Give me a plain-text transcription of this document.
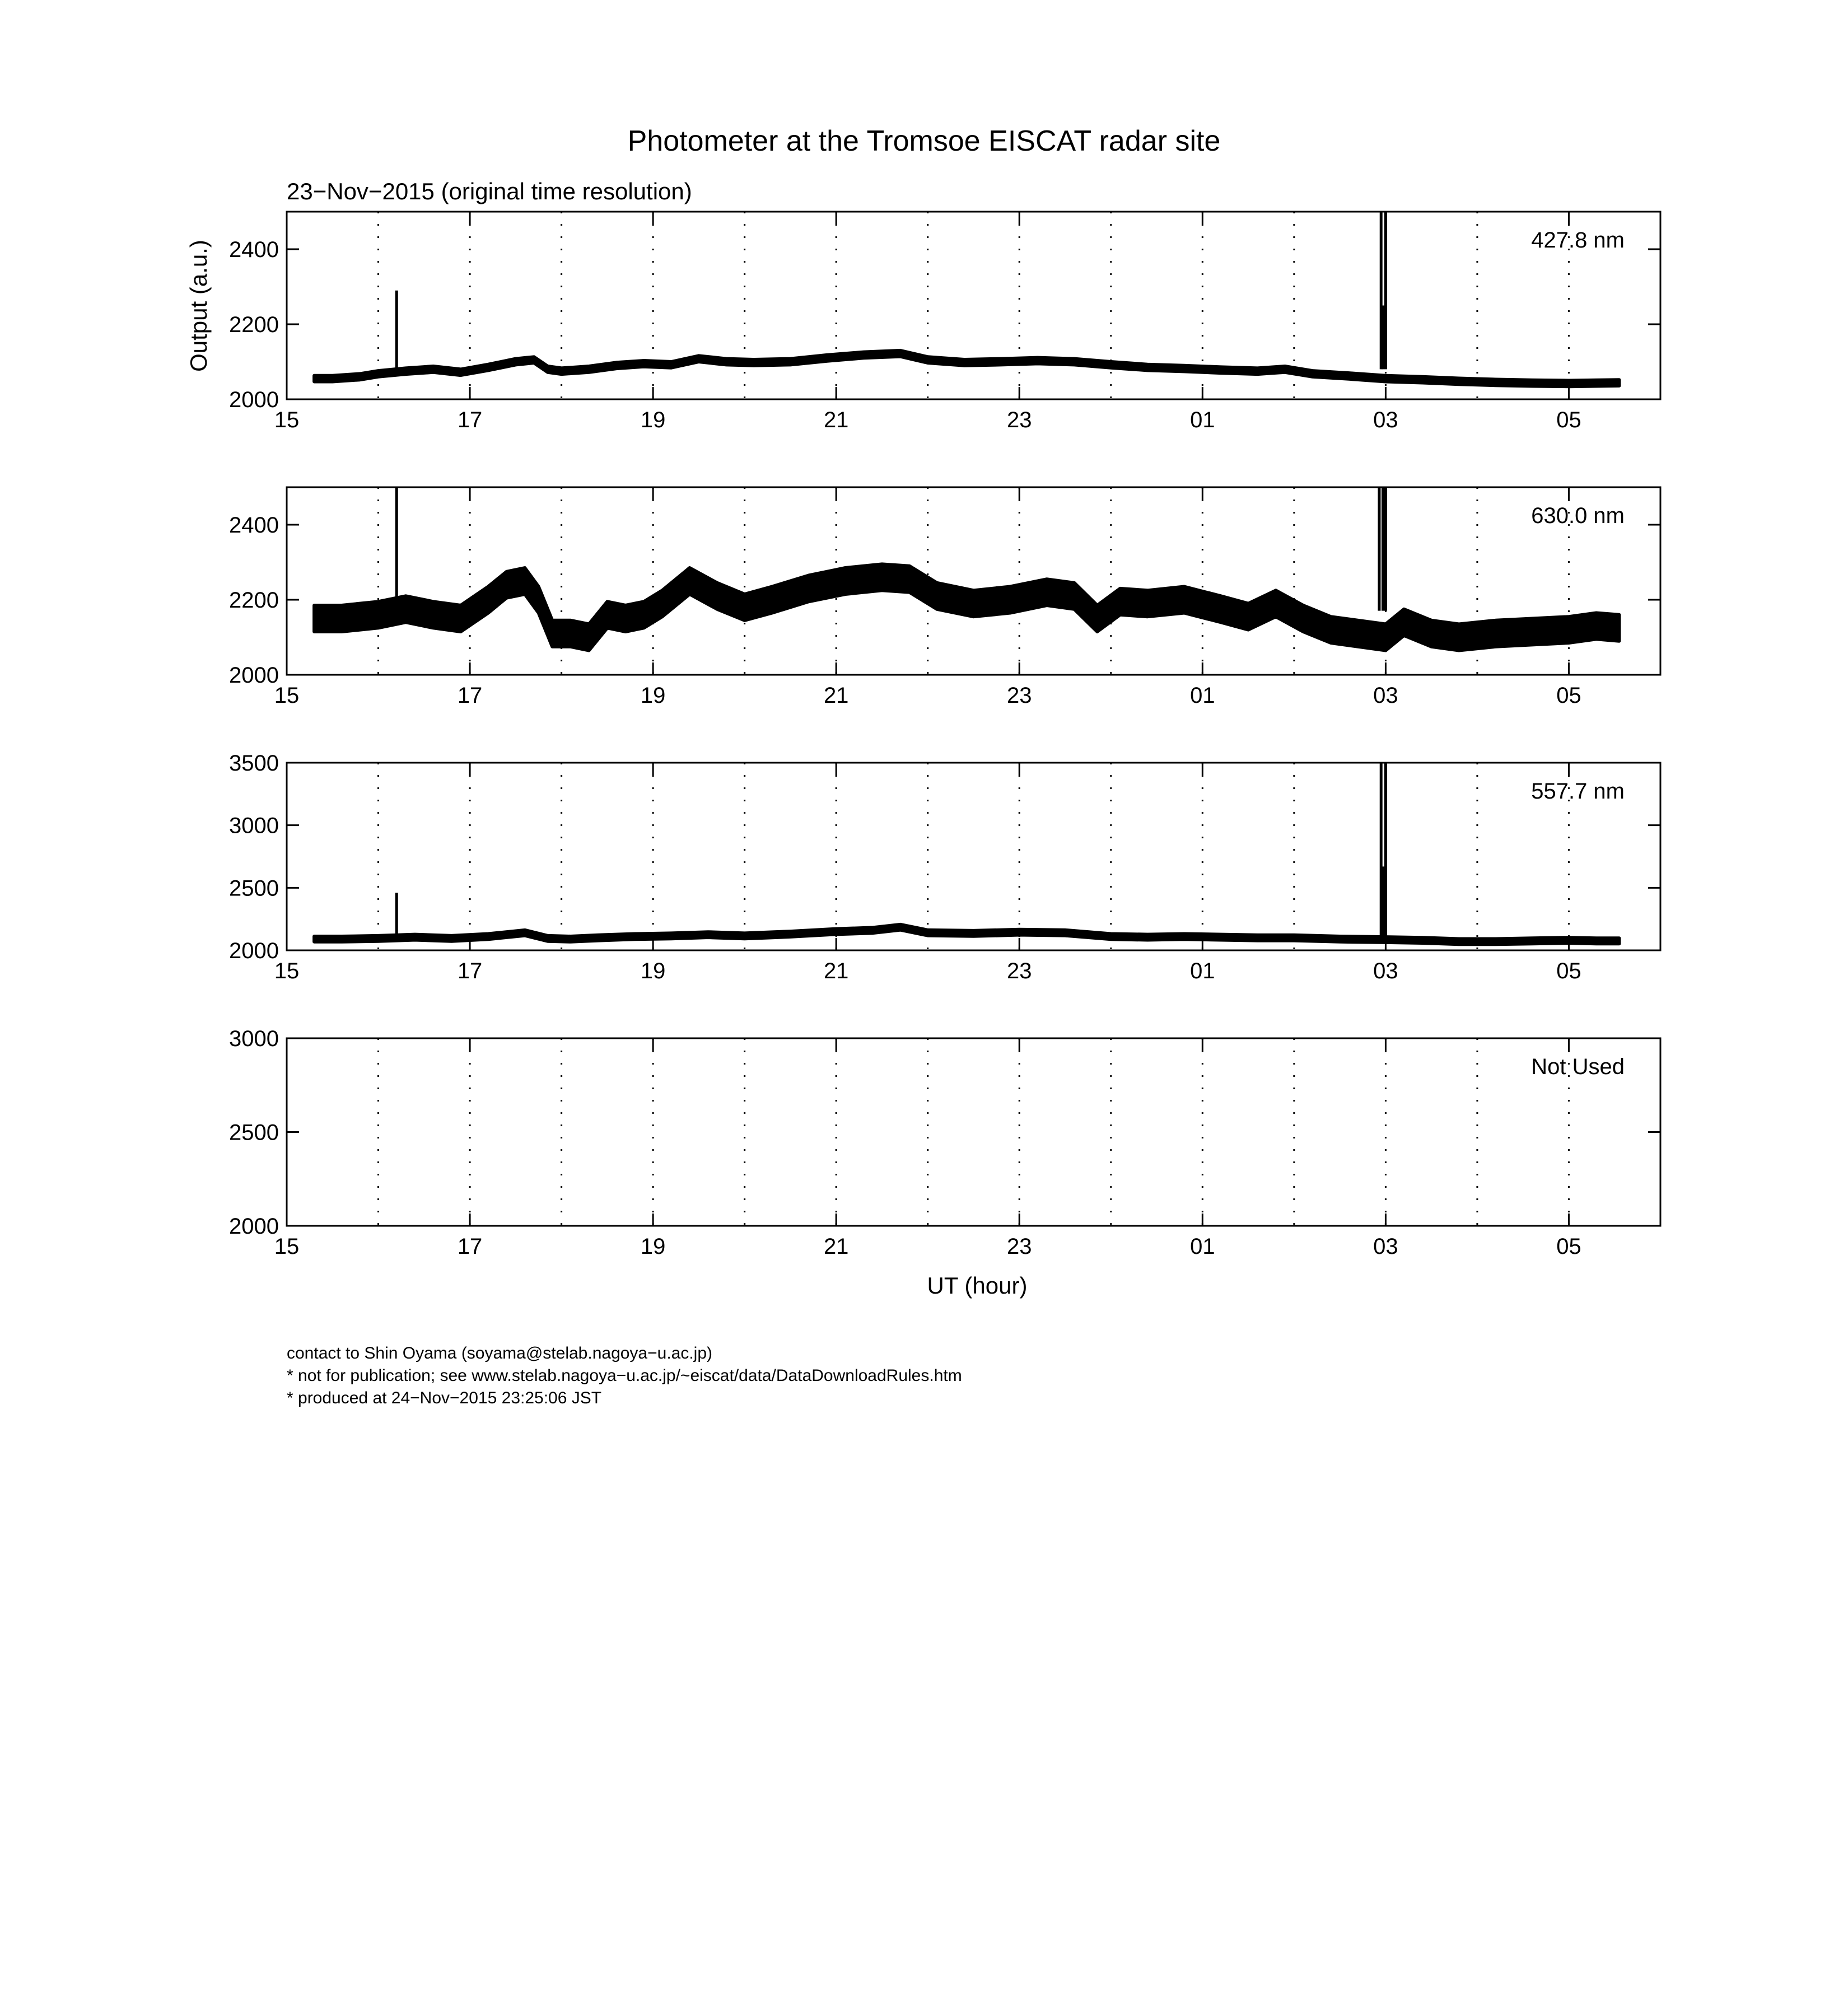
Photometer at the Tromsoe EISCAT radar site
23−Nov−2015 (original time resolution)
Output (a.u.)
2000
2200
2400
15	17	19	21	23	01	03	05
427.8 nm
2000
2200
2400
15	17	19	21	23	01	03	05
630.0 nm
2000
2500
3000
3500
15	17	19	21	23	01	03	05
557.7 nm
2000
2500
3000
15	17	19	21	23	01	03	05
Not Used
UT (hour)
contact to Shin Oyama (soyama@stelab.nagoya−u.ac.jp)
* not for publication; see www.stelab.nagoya−u.ac.jp/~eiscat/data/DataDownloadRules.htm
* produced at 24−Nov−2015 23:25:06 JST
